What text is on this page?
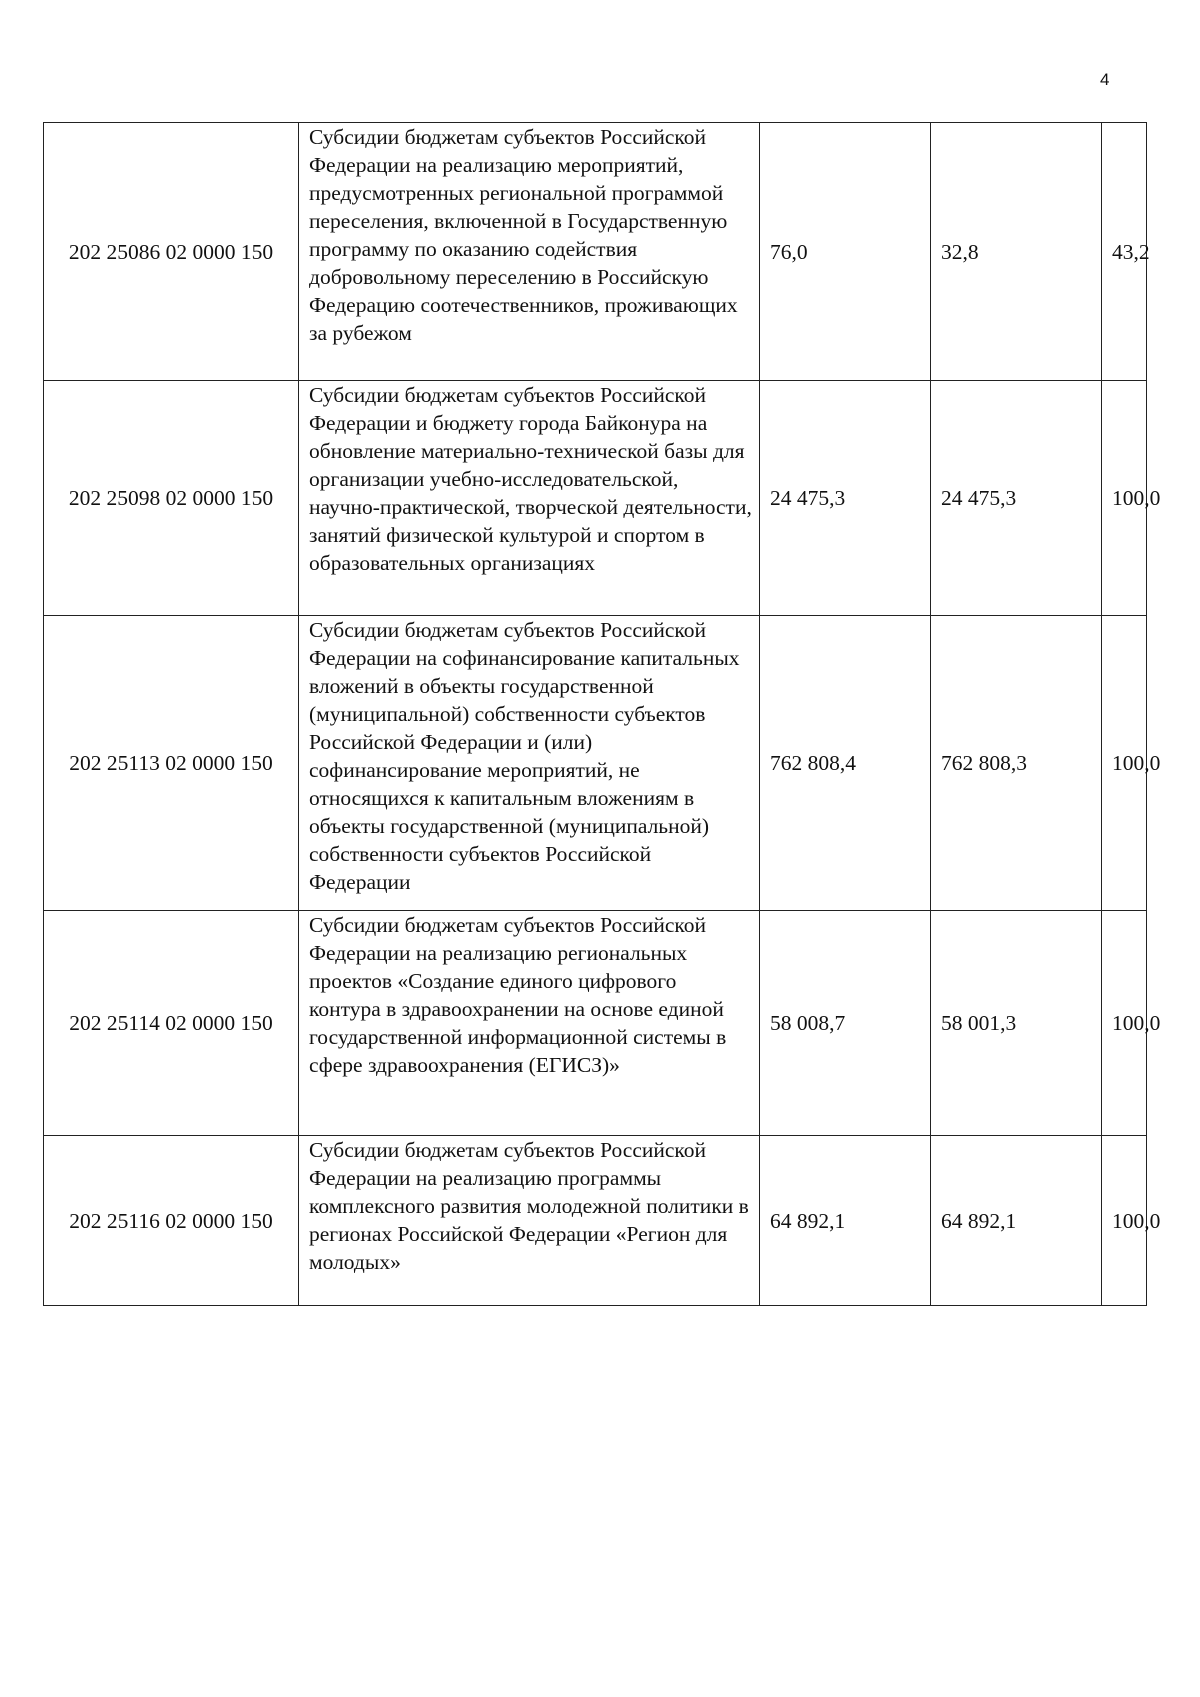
4
202 25086 02 0000 150	Субсидии бюджетам субъектов Российской Федерации на реализацию мероприятий, предусмотренных региональной программой переселения, включенной в Государственную программу по оказанию содействия добровольному переселению в Российскую Федерацию соотечественников, проживающих за рубежом	76,0	32,8	43,2
202 25098 02 0000 150	Субсидии бюджетам субъектов Российской Федерации и бюджету города Байконура на обновление материально-технической базы для организации учебно-исследовательской, научно-практической, творческой деятельности, занятий физической культурой и спортом в образовательных организациях	24 475,3	24 475,3	100,0
202 25113 02 0000 150	Субсидии бюджетам субъектов Российской Федерации на софинансирование капитальных вложений в объекты государственной (муниципальной) собственности субъектов Российской Федерации и (или) софинансирование мероприятий, не относящихся к капитальным вложениям в объекты государственной (муниципальной) собственности субъектов Российской Федерации	762 808,4	762 808,3	100,0
202 25114 02 0000 150	Субсидии бюджетам субъектов Российской Федерации на реализацию региональных проектов «Создание единого цифрового контура в здравоохранении на основе единой государственной информационной системы в сфере здравоохранения (ЕГИСЗ)»	58 008,7	58 001,3	100,0
202 25116 02 0000 150	Субсидии бюджетам субъектов Российской Федерации на реализацию программы комплексного развития молодежной политики в регионах Российской Федерации «Регион для молодых»	64 892,1	64 892,1	100,0
